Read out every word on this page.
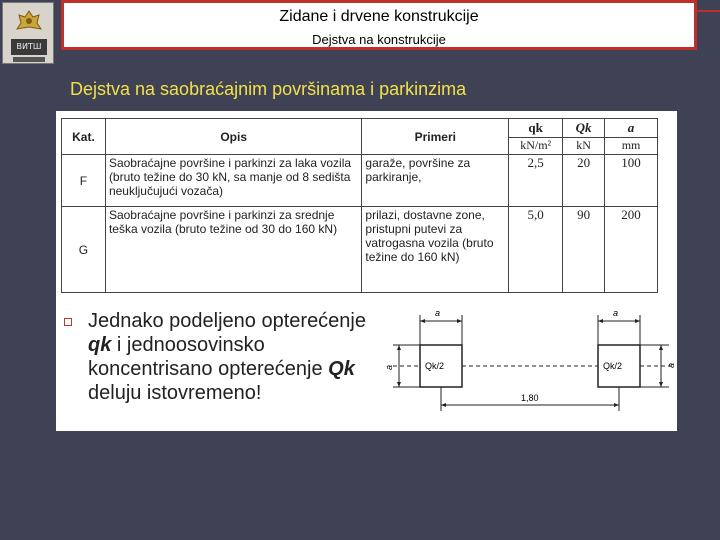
ВИТШ
Zidane i drvene konstrukcije
Dejstva na konstrukcije
Dejstva na saobraćajnim površinama i parkinzima
Kat.	Opis	Primeri	qk	Qk	a
			kN/m²	kN	mm
F	Saobraćajne površine i parkinzi za laka vozila (bruto težine do 30 kN, sa manje od 8 sedišta neuključujući vozača)	garaže, površine za parkiranje,	2,5	20	100
G	Saobraćajne površine i parkinzi za srednje teška vozila (bruto težine od 30 do 160 kN)	prilazi, dostavne zone, pristupni putevi za vatrogasna vozila (bruto težine do 160 kN)	5,0	90	200
Jednako podeljeno opterećenje
qk i jednoosovinsko
koncentrisano opterećenje Qk
deluju istovremeno!
a	a
Qk/2	Qk/2
a	a
1,80
